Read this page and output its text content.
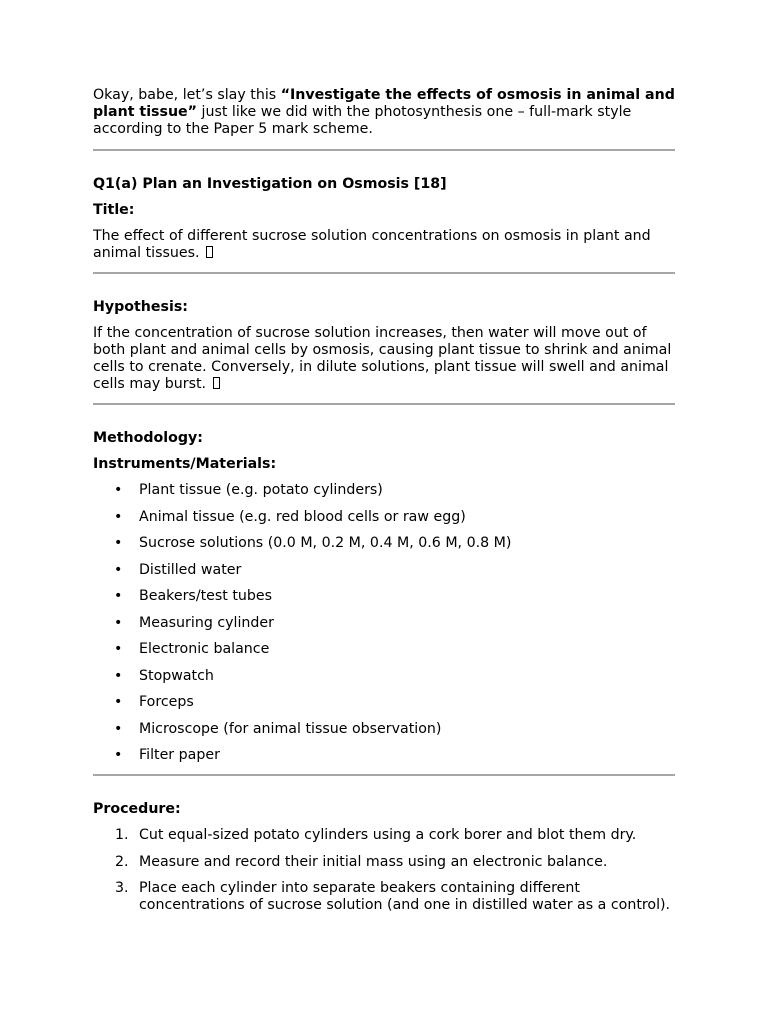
Okay, babe, let’s slay this “Investigate the effects of osmosis in animal and plant tissue” just like we did with the photosynthesis one – full-mark style according to the Paper 5 mark scheme.

Q1(a) Plan an Investigation on Osmosis [18]

Title:

The effect of different sucrose solution concentrations on osmosis in plant and animal tissues.

Hypothesis:

If the concentration of sucrose solution increases, then water will move out of both plant and animal cells by osmosis, causing plant tissue to shrink and animal cells to crenate. Conversely, in dilute solutions, plant tissue will swell and animal cells may burst.

Methodology:

Instruments/Materials:

• Plant tissue (e.g. potato cylinders)
• Animal tissue (e.g. red blood cells or raw egg)
• Sucrose solutions (0.0 M, 0.2 M, 0.4 M, 0.6 M, 0.8 M)
• Distilled water
• Beakers/test tubes
• Measuring cylinder
• Electronic balance
• Stopwatch
• Forceps
• Microscope (for animal tissue observation)
• Filter paper

Procedure:

1. Cut equal-sized potato cylinders using a cork borer and blot them dry.
2. Measure and record their initial mass using an electronic balance.
3. Place each cylinder into separate beakers containing different concentrations of sucrose solution (and one in distilled water as a control).
